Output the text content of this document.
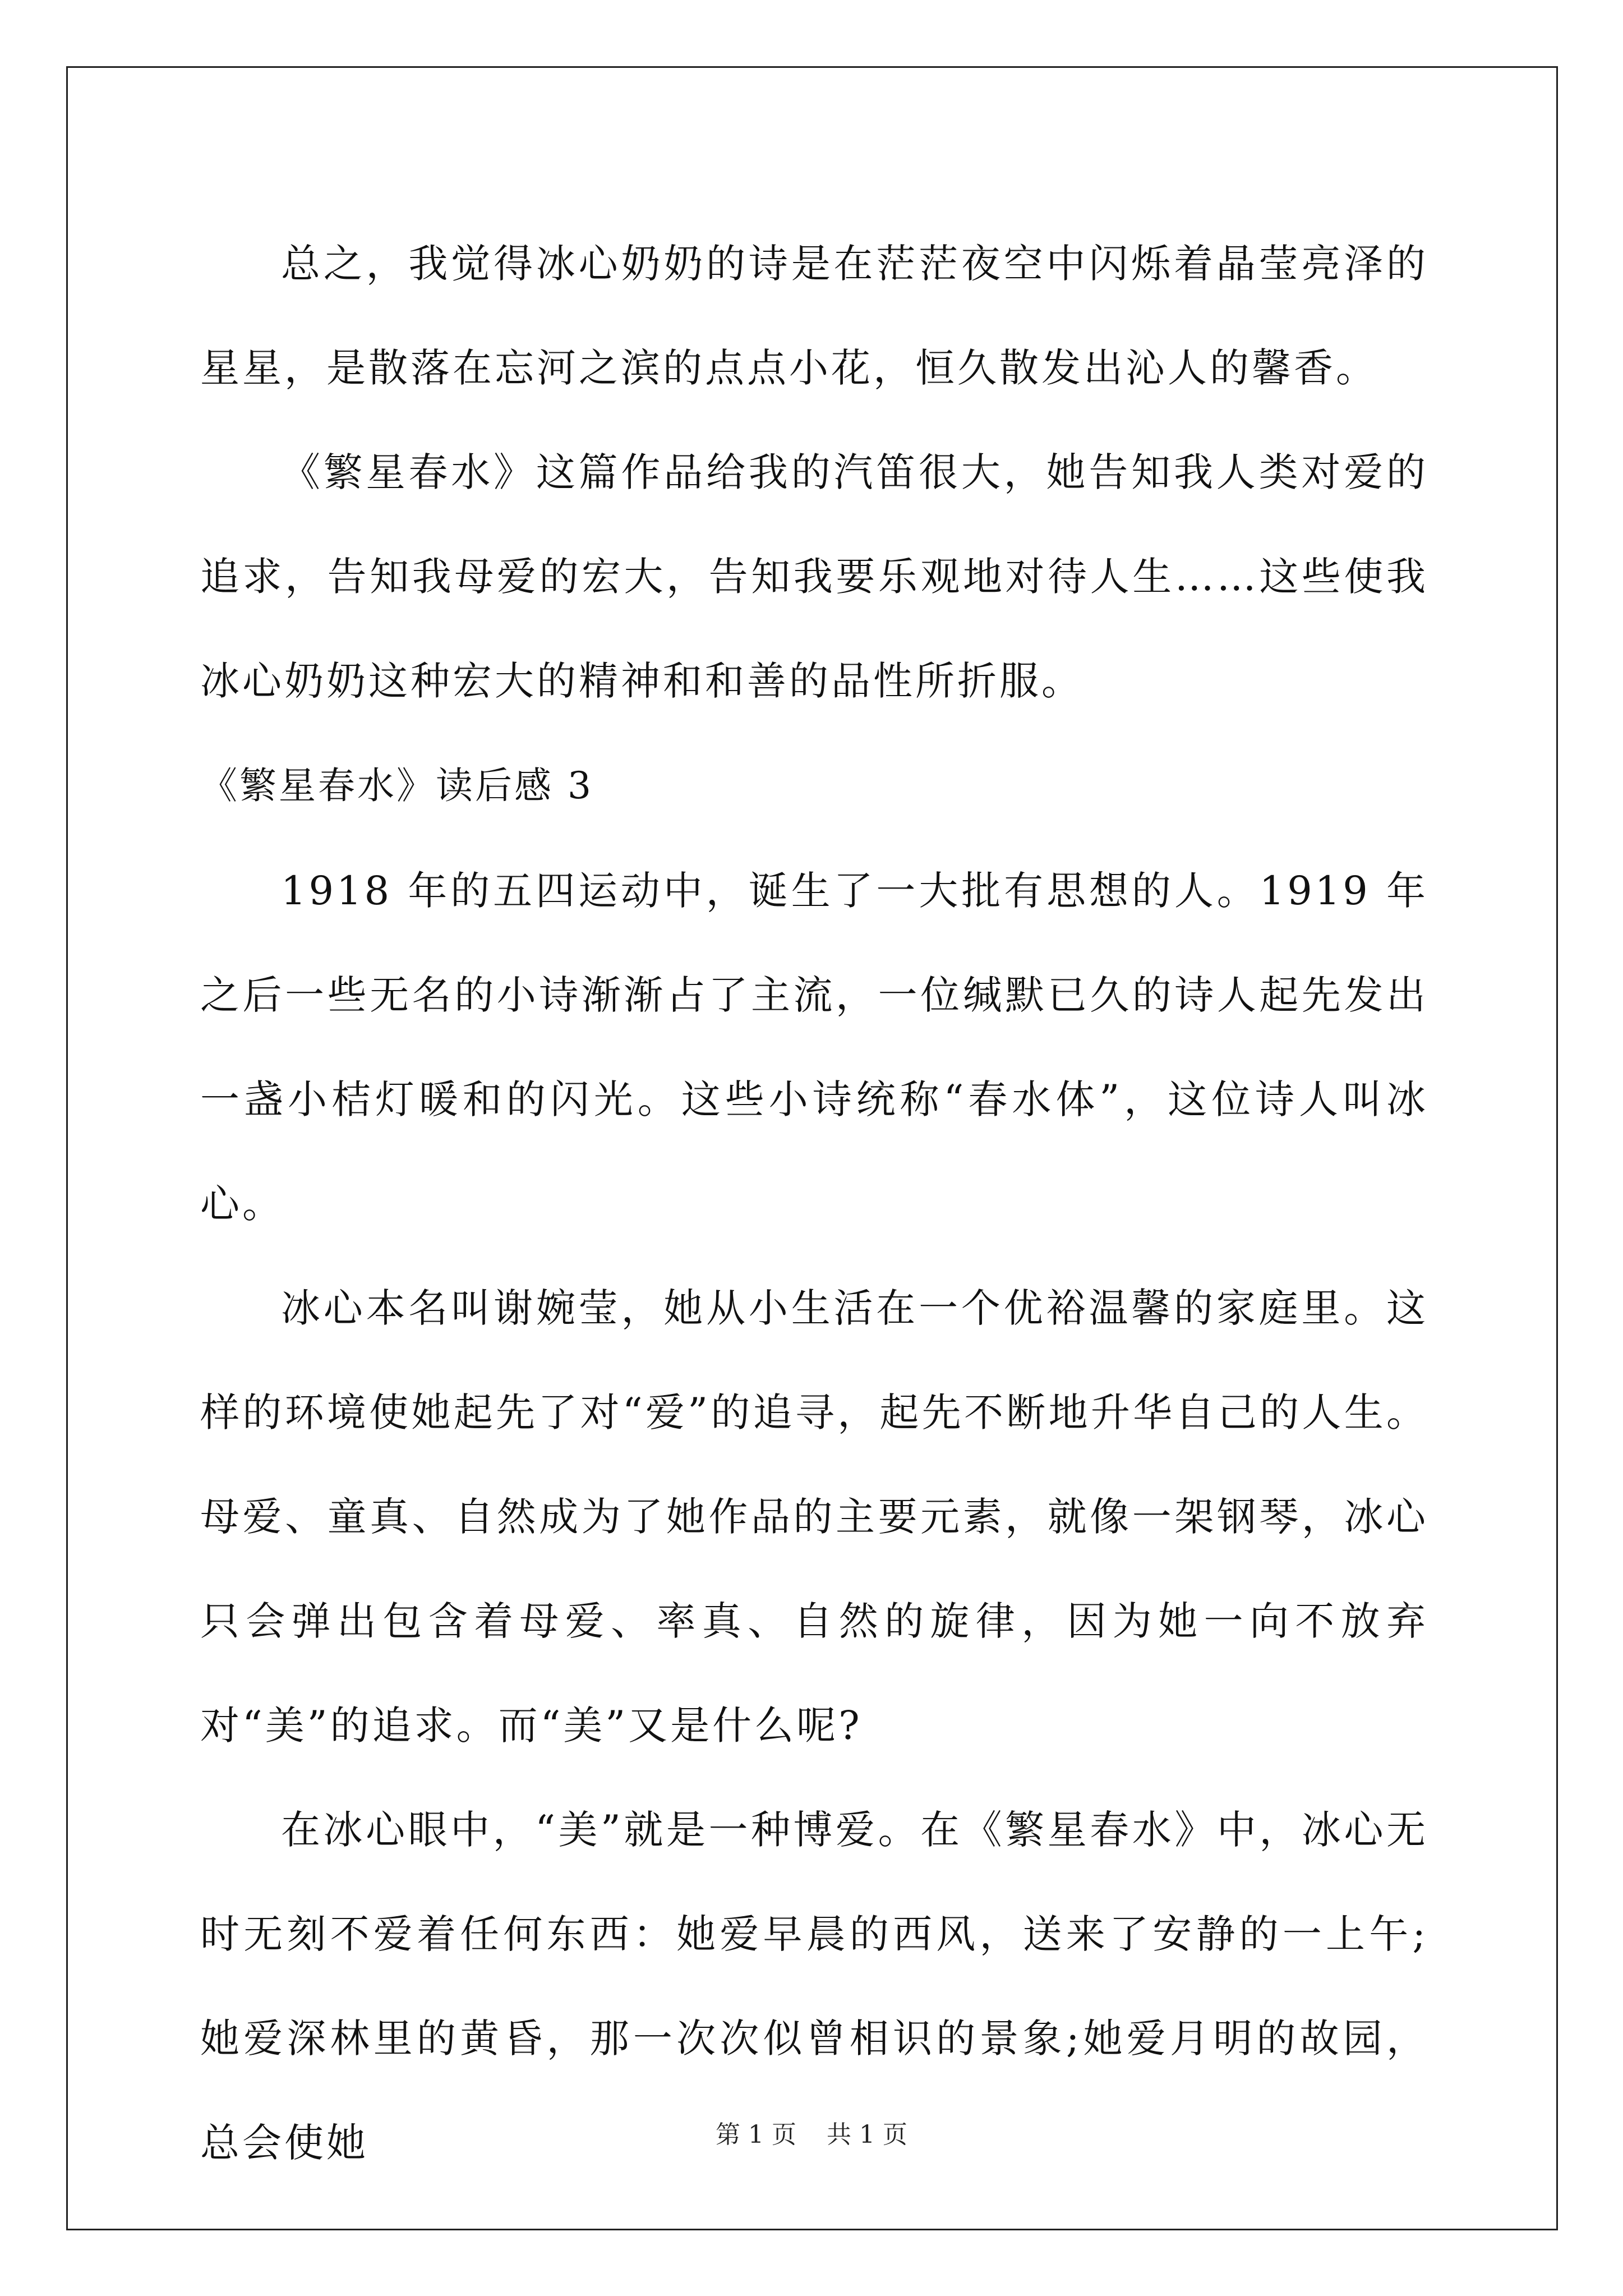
总之，我觉得冰心奶奶的诗是在茫茫夜空中闪烁着晶莹亮泽的星星，是散落在忘河之滨的点点小花，恒久散发出沁人的馨香。

《繁星春水》这篇作品给我的汽笛很大，她告知我人类对爱的追求，告知我母爱的宏大，告知我要乐观地对待人生……这些使我冰心奶奶这种宏大的精神和和善的品性所折服。

《繁星春水》读后感 3

1918 年的五四运动中，诞生了一大批有思想的人。1919 年之后一些无名的小诗渐渐占了主流，一位缄默已久的诗人起先发出一盏小桔灯暖和的闪光。这些小诗统称“春水体”，这位诗人叫冰心。

冰心本名叫谢婉莹，她从小生活在一个优裕温馨的家庭里。这样的环境使她起先了对“爱”的追寻，起先不断地升华自己的人生。母爱、童真、自然成为了她作品的主要元素，就像一架钢琴，冰心只会弹出包含着母爱、率真、自然的旋律，因为她一向不放弃对“美”的追求。而“美”又是什么呢?

在冰心眼中，“美”就是一种博爱。在《繁星春水》中，冰心无时无刻不爱着任何东西：她爱早晨的西风，送来了安静的一上午;她爱深林里的黄昏，那一次次似曾相识的景象;她爱月明的故园，总会使她	第 1 页 共 1 页
